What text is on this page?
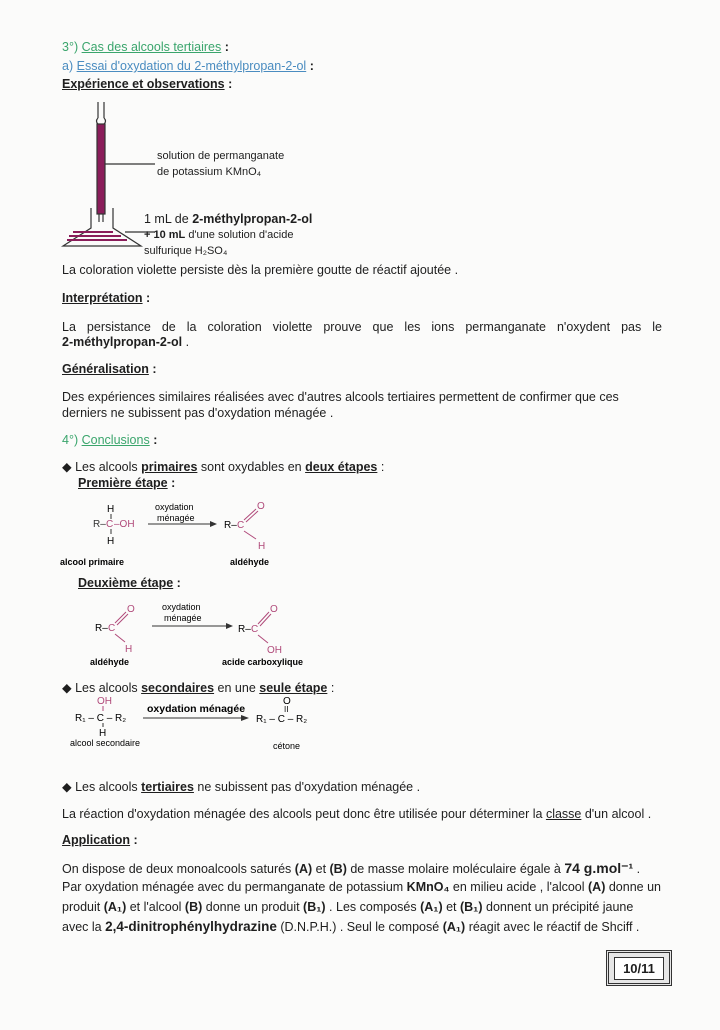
3°) Cas des alcools tertiaires :
a) Essai d'oxydation du 2-méthylpropan-2-ol :
Expérience et observations :
solution de permanganate
de potassium KMnO₄
1 mL de 2-méthylpropan-2-ol
+ 10 mL d'une solution d'acide
sulfurique H₂SO₄
La coloration violette persiste dès la première goutte de réactif ajoutée .
Interprétation :
La persistance de la coloration violette prouve que les ions permanganate n'oxydent pas le
2-méthylpropan-2-ol .
Généralisation :
Des expériences similaires réalisées avec d'autres alcools tertiaires permettent de confirmer que ces
derniers ne subissent pas d'oxydation ménagée .
4°) Conclusions :
◆ Les alcools primaires sont oxydables en deux étapes :
Première étape :
H
R– C –OH
H
oxydation
ménagée
R– C
O
H
alcool primaire	aldéhyde
Deuxième étape :
R– C
O
H
oxydation
ménagée
R– C
O
OH
aldéhyde	acide carboxylique
◆ Les alcools secondaires en une seule étape :
OH
R₁ – C – R₂
H
alcool secondaire
oxydation ménagée
O
II
R₁ – C – R₂
cétone
◆ Les alcools tertiaires ne subissent pas d'oxydation ménagée .
La réaction d'oxydation ménagée des alcools peut donc être utilisée pour déterminer la classe d'un alcool .
Application :
On dispose de deux monoalcools saturés (A) et (B) de masse molaire moléculaire égale à 74 g.mol⁻¹ .
Par oxydation ménagée avec du permanganate de potassium KMnO₄ en milieu acide , l'alcool (A) donne un
produit (A₁) et l'alcool (B) donne un produit (B₁) . Les composés (A₁) et (B₁) donnent un précipité jaune
avec la 2,4-dinitrophénylhydrazine (D.N.P.H.) . Seul le composé (A₁) réagit avec le réactif de Shciff .
10/11
